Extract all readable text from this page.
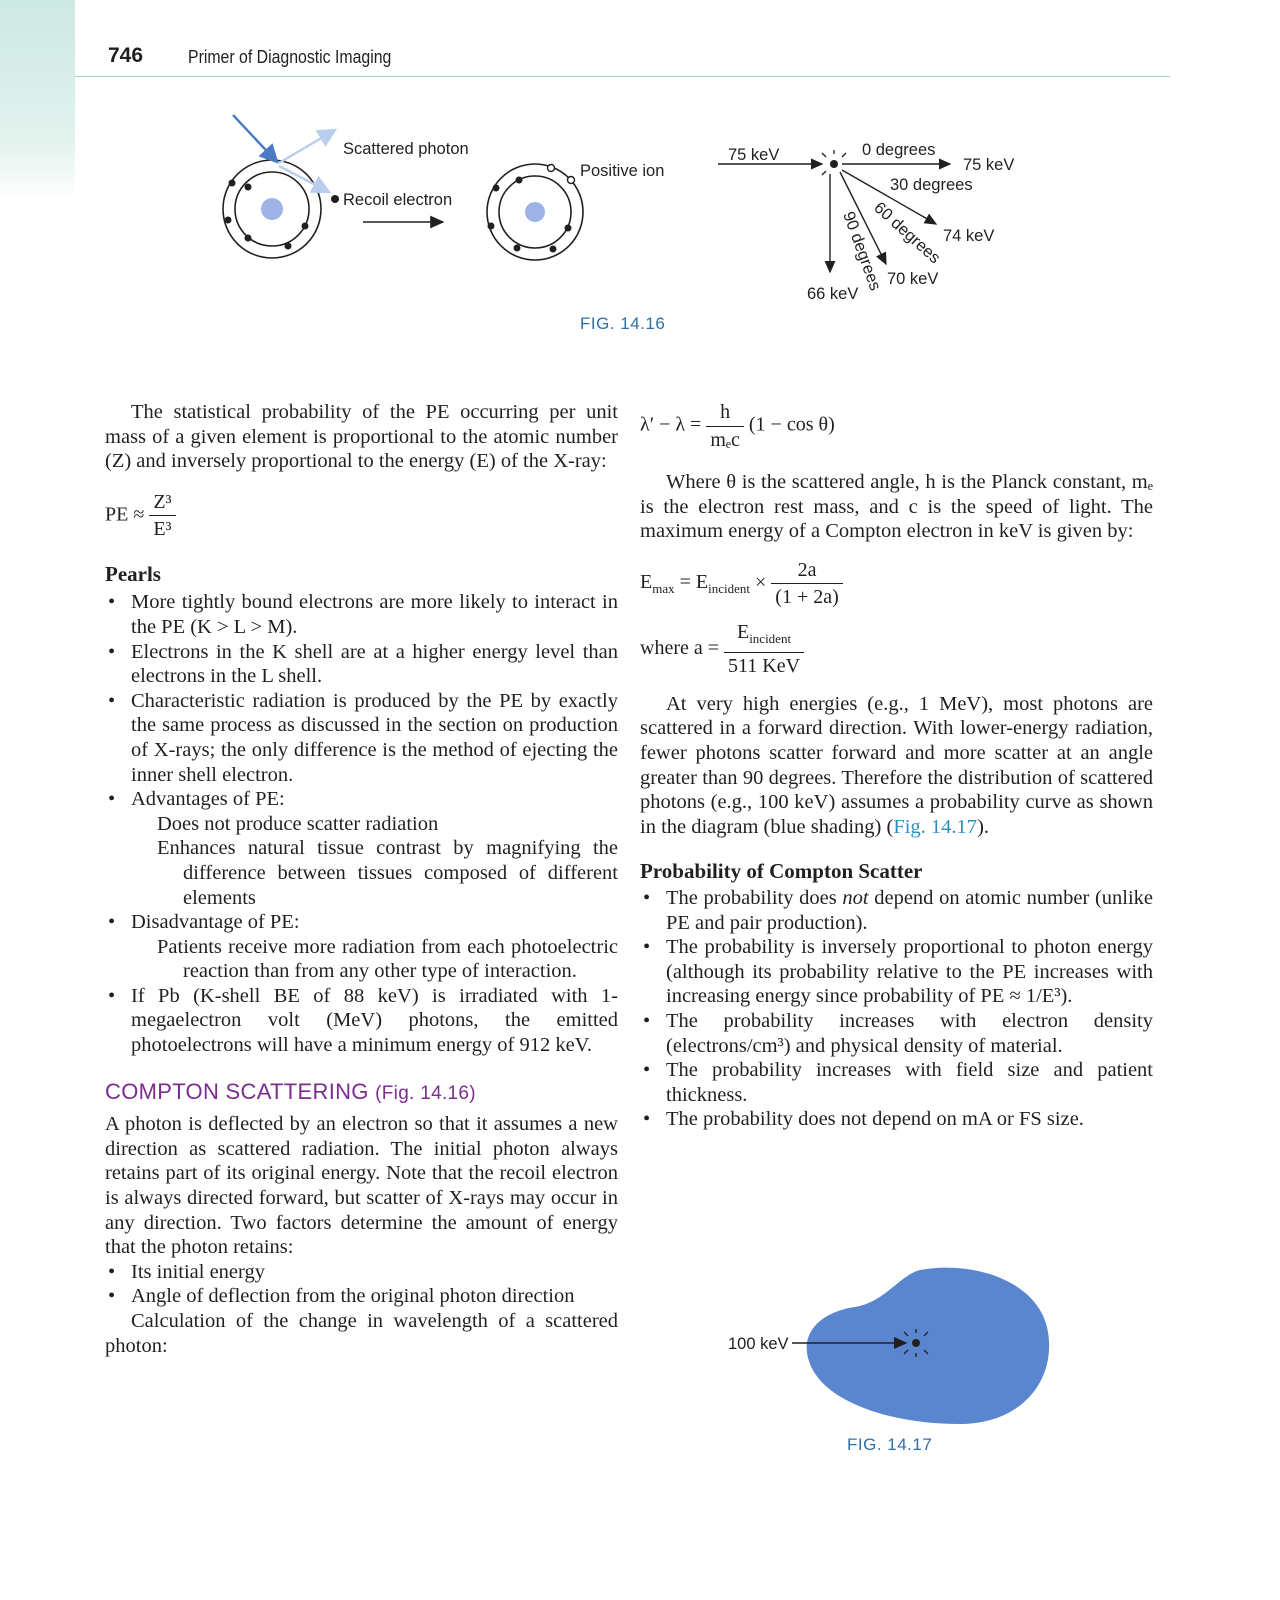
746 Primer of Diagnostic Imaging
Scattered photon
Recoil electron
Positive ion
75 keV	0 degrees
75 keV
30 degrees
74 keV
60 degrees
70 keV
90 degrees
66 keV
FIG. 14.16

The statistical probability of the PE occurring per unit mass of a given element is proportional to the atomic number (Z) and inversely proportional to the energy (E) of the X-ray:

PE ≈ $\frac{\text{Z³}}{\text{E³}}$
Pearls
• More tightly bound electrons are more likely to interact in the PE (K > L > M).
• Electrons in the K shell are at a higher energy level than electrons in the L shell.
• Characteristic radiation is produced by the PE by exactly the same process as discussed in the section on production of X-rays; the only difference is the method of ejecting the inner shell electron.
• Advantages of PE:

Does not produce scatter radiation

Enhances natural tissue contrast by magnifying the difference between tissues composed of different elements

• Disadvantage of PE:

Patients receive more radiation from each photoelectric reaction than from any other type of interaction.

• If Pb (K-shell BE of 88 keV) is irradiated with 1-megaelectron volt (MeV) photons, the emitted photoelectrons will have a minimum energy of 912 keV.
COMPTON SCATTERING (Fig. 14.16)

A photon is deflected by an electron so that it assumes a new direction as scattered radiation. The initial photon always retains part of its original energy. Note that the recoil electron is always directed forward, but scatter of X-rays may occur in any direction. Two factors determine the amount of energy that the photon retains:

• Its initial energy
• Angle of deflection from the original photon direction

Calculation of the change in wavelength of a scattered photon:

$\lambda' - \lambda = \frac{h}{\text{mₑc}} (1 - \cos \theta)$

Where θ is the scattered angle, h is the Planck constant, mₑ is the electron rest mass, and c is the speed of light. The maximum energy of a Compton electron in keV is given by:

$E_{max} = E_{incident} \times \frac{2a}{(1 + 2a)}$
where $a = \frac{E_{incident}}{\text{511 KeV}}$

At very high energies (e.g., 1 MeV), most photons are scattered in a forward direction. With lower-energy radiation, fewer photons scatter forward and more scatter at an angle greater than 90 degrees. Therefore the distribution of scattered photons (e.g., 100 keV) assumes a probability curve as shown in the diagram (blue shading) (Fig. 14.17).

Probability of Compton Scatter
• The probability does not depend on atomic number (unlike PE and pair production).
• The probability is inversely proportional to photon energy (although its probability relative to the PE increases with increasing energy since probability of PE ≈ 1/E³).
• The probability increases with electron density (electrons/cm³) and physical density of material.
• The probability increases with field size and patient thickness.
• The probability does not depend on mA or FS size.
100 keV
FIG. 14.17
